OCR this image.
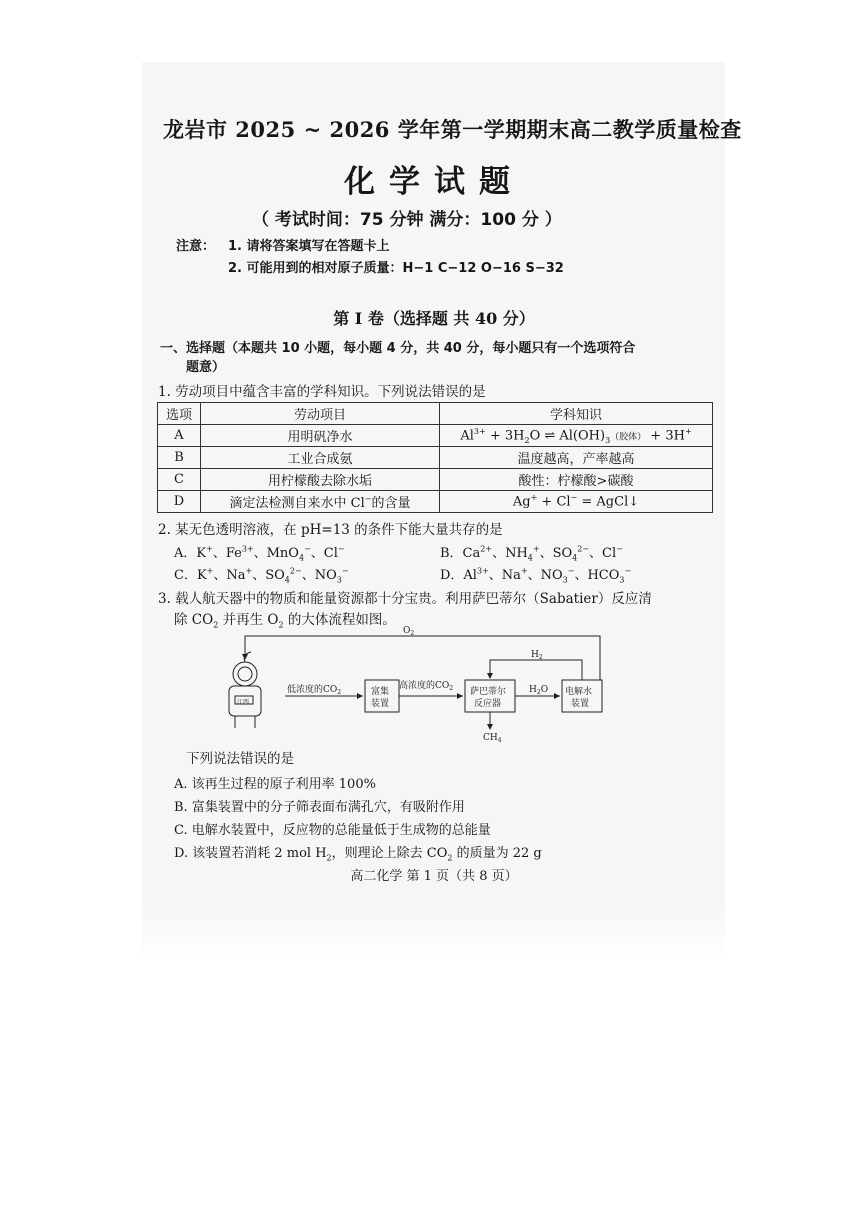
龙岩市 2025 ~ 2026 学年第一学期期末高二教学质量检查
化学试题
（ 考试时间：75 分钟 满分：100 分 ）
注意： 1. 请将答案填写在答题卡上
2. 可能用到的相对原子质量：H−1 C−12 O−16 S−32
第 I 卷（选择题 共 40 分）
一、选择题（本题共 10 小题，每小题 4 分，共 40 分，每小题只有一个选项符合
题意）
1. 劳动项目中蕴含丰富的学科知识。下列说法错误的是
选项	劳动项目	学科知识
A	用明矾净水	$Al^{3+} + 3H_2O$ ⇌ $Al(OH)_3$（胶体） + 3H+
B	工业合成氨	温度越高，产率越高
C	用柠檬酸去除水垢	酸性：柠檬酸>碳酸
D	滴定法检测自来水中 Cl−的含量	Ag+ + Cl− = AgCl↓
2. 某无色透明溶液，在 pH=13 的条件下能大量共存的是
A．K+、$Fe^{3+}$、MnO$_4$−、Cl−	B．$Ca^{2+}$、$NH_4^+$、$SO_4^{2-}$、Cl−
C．K+、Na+、$SO_4^{2-}$、$NO_3^-$	D．$Al^{3+}$、Na+、$NO_3^-$、$HCO_3^-$
3. 载人航天器中的物质和能量资源都十分宝贵。利用萨巴蒂尔（Sabatier）反应清
除 $CO_2$ 并再生 $O_2$ 的大体流程如图。
江西
低浓度的$CO_2$
高浓度的$CO_2$
富集
装置
萨巴蒂尔
反应器
电解水
装置
$H_2O$
$O_2$
$H_2$
$CH_4$
下列说法错误的是
A. 该再生过程的原子利用率 100%
B. 富集装置中的分子筛表面布满孔穴，有吸附作用
C. 电解水装置中，反应物的总能量低于生成物的总能量
D. 该装置若消耗 2 mol $H_2$，则理论上除去 $CO_2$ 的质量为 22 g
高二化学 第 1 页（共 8 页）
